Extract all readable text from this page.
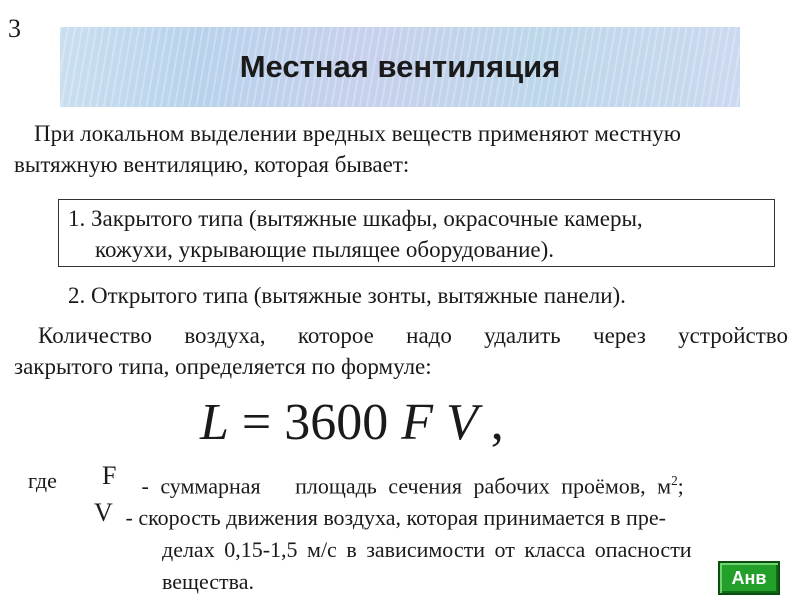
3
Местная вентиляция
При локальном выделении вредных веществ применяют местную
вытяжную вентиляцию, которая бывает:
1. Закрытого типа (вытяжные шкафы, окрасочные камеры,
кожухи, укрывающие пылящее оборудование).
2. Открытого типа (вытяжные зонты, вытяжные панели).
Количество воздуха, которое надо удалить через устройство
закрытого типа, определяется по формуле:
L = 3600 F V ,
где F - суммарная   площадь сечения рабочих проёмов, $м^2$;
V - скорость движения воздуха, которая принимается в пре-
делах 0,15-1,5 м/с в зависимости от класса опасности
вещества.	Анв
